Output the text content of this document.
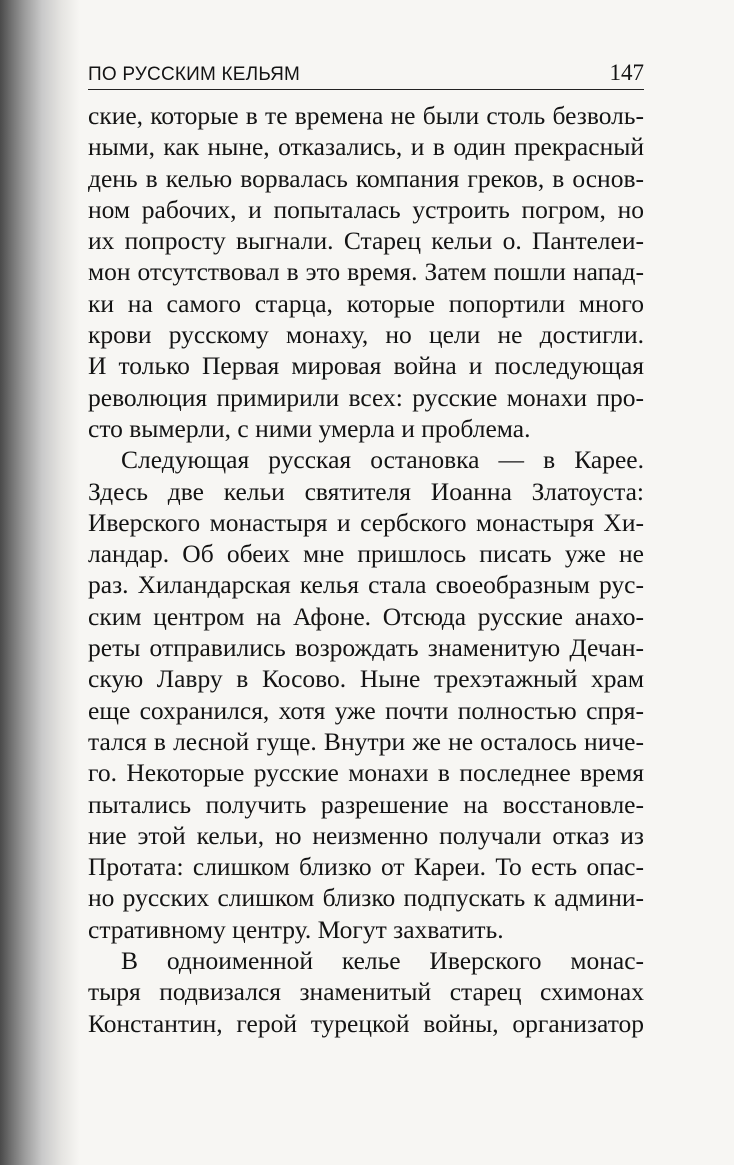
ПО РУССКИМ КЕЛЬЯМ	147
ские, которые в те времена не были столь безволь-
ными, как ныне, отказались, и в один прекрасный
день в келью ворвалась компания греков, в основ-
ном рабочих, и попыталась устроить погром, но
их попросту выгнали. Старец кельи о. Пантелеи-
мон отсутствовал в это время. Затем пошли напад-
ки на самого старца, которые попортили много
крови русскому монаху, но цели не достигли.
И только Первая мировая война и последующая
революция примирили всех: русские монахи про-
сто вымерли, с ними умерла и проблема.
Следующая русская остановка — в Карее.
Здесь две кельи святителя Иоанна Златоуста:
Иверского монастыря и сербского монастыря Хи-
ландар. Об обеих мне пришлось писать уже не
раз. Хиландарская келья стала своеобразным рус-
ским центром на Афоне. Отсюда русские анахо-
реты отправились возрождать знаменитую Дечан-
скую Лавру в Косово. Ныне трехэтажный храм
еще сохранился, хотя уже почти полностью спря-
тался в лесной гуще. Внутри же не осталось ниче-
го. Некоторые русские монахи в последнее время
пытались получить разрешение на восстановле-
ние этой кельи, но неизменно получали отказ из
Протата: слишком близко от Кареи. То есть опас-
но русских слишком близко подпускать к админи-
стративному центру. Могут захватить.
В одноименной келье Иверского монас-
тыря подвизался знаменитый старец схимонах
Константин, герой турецкой войны, организатор
